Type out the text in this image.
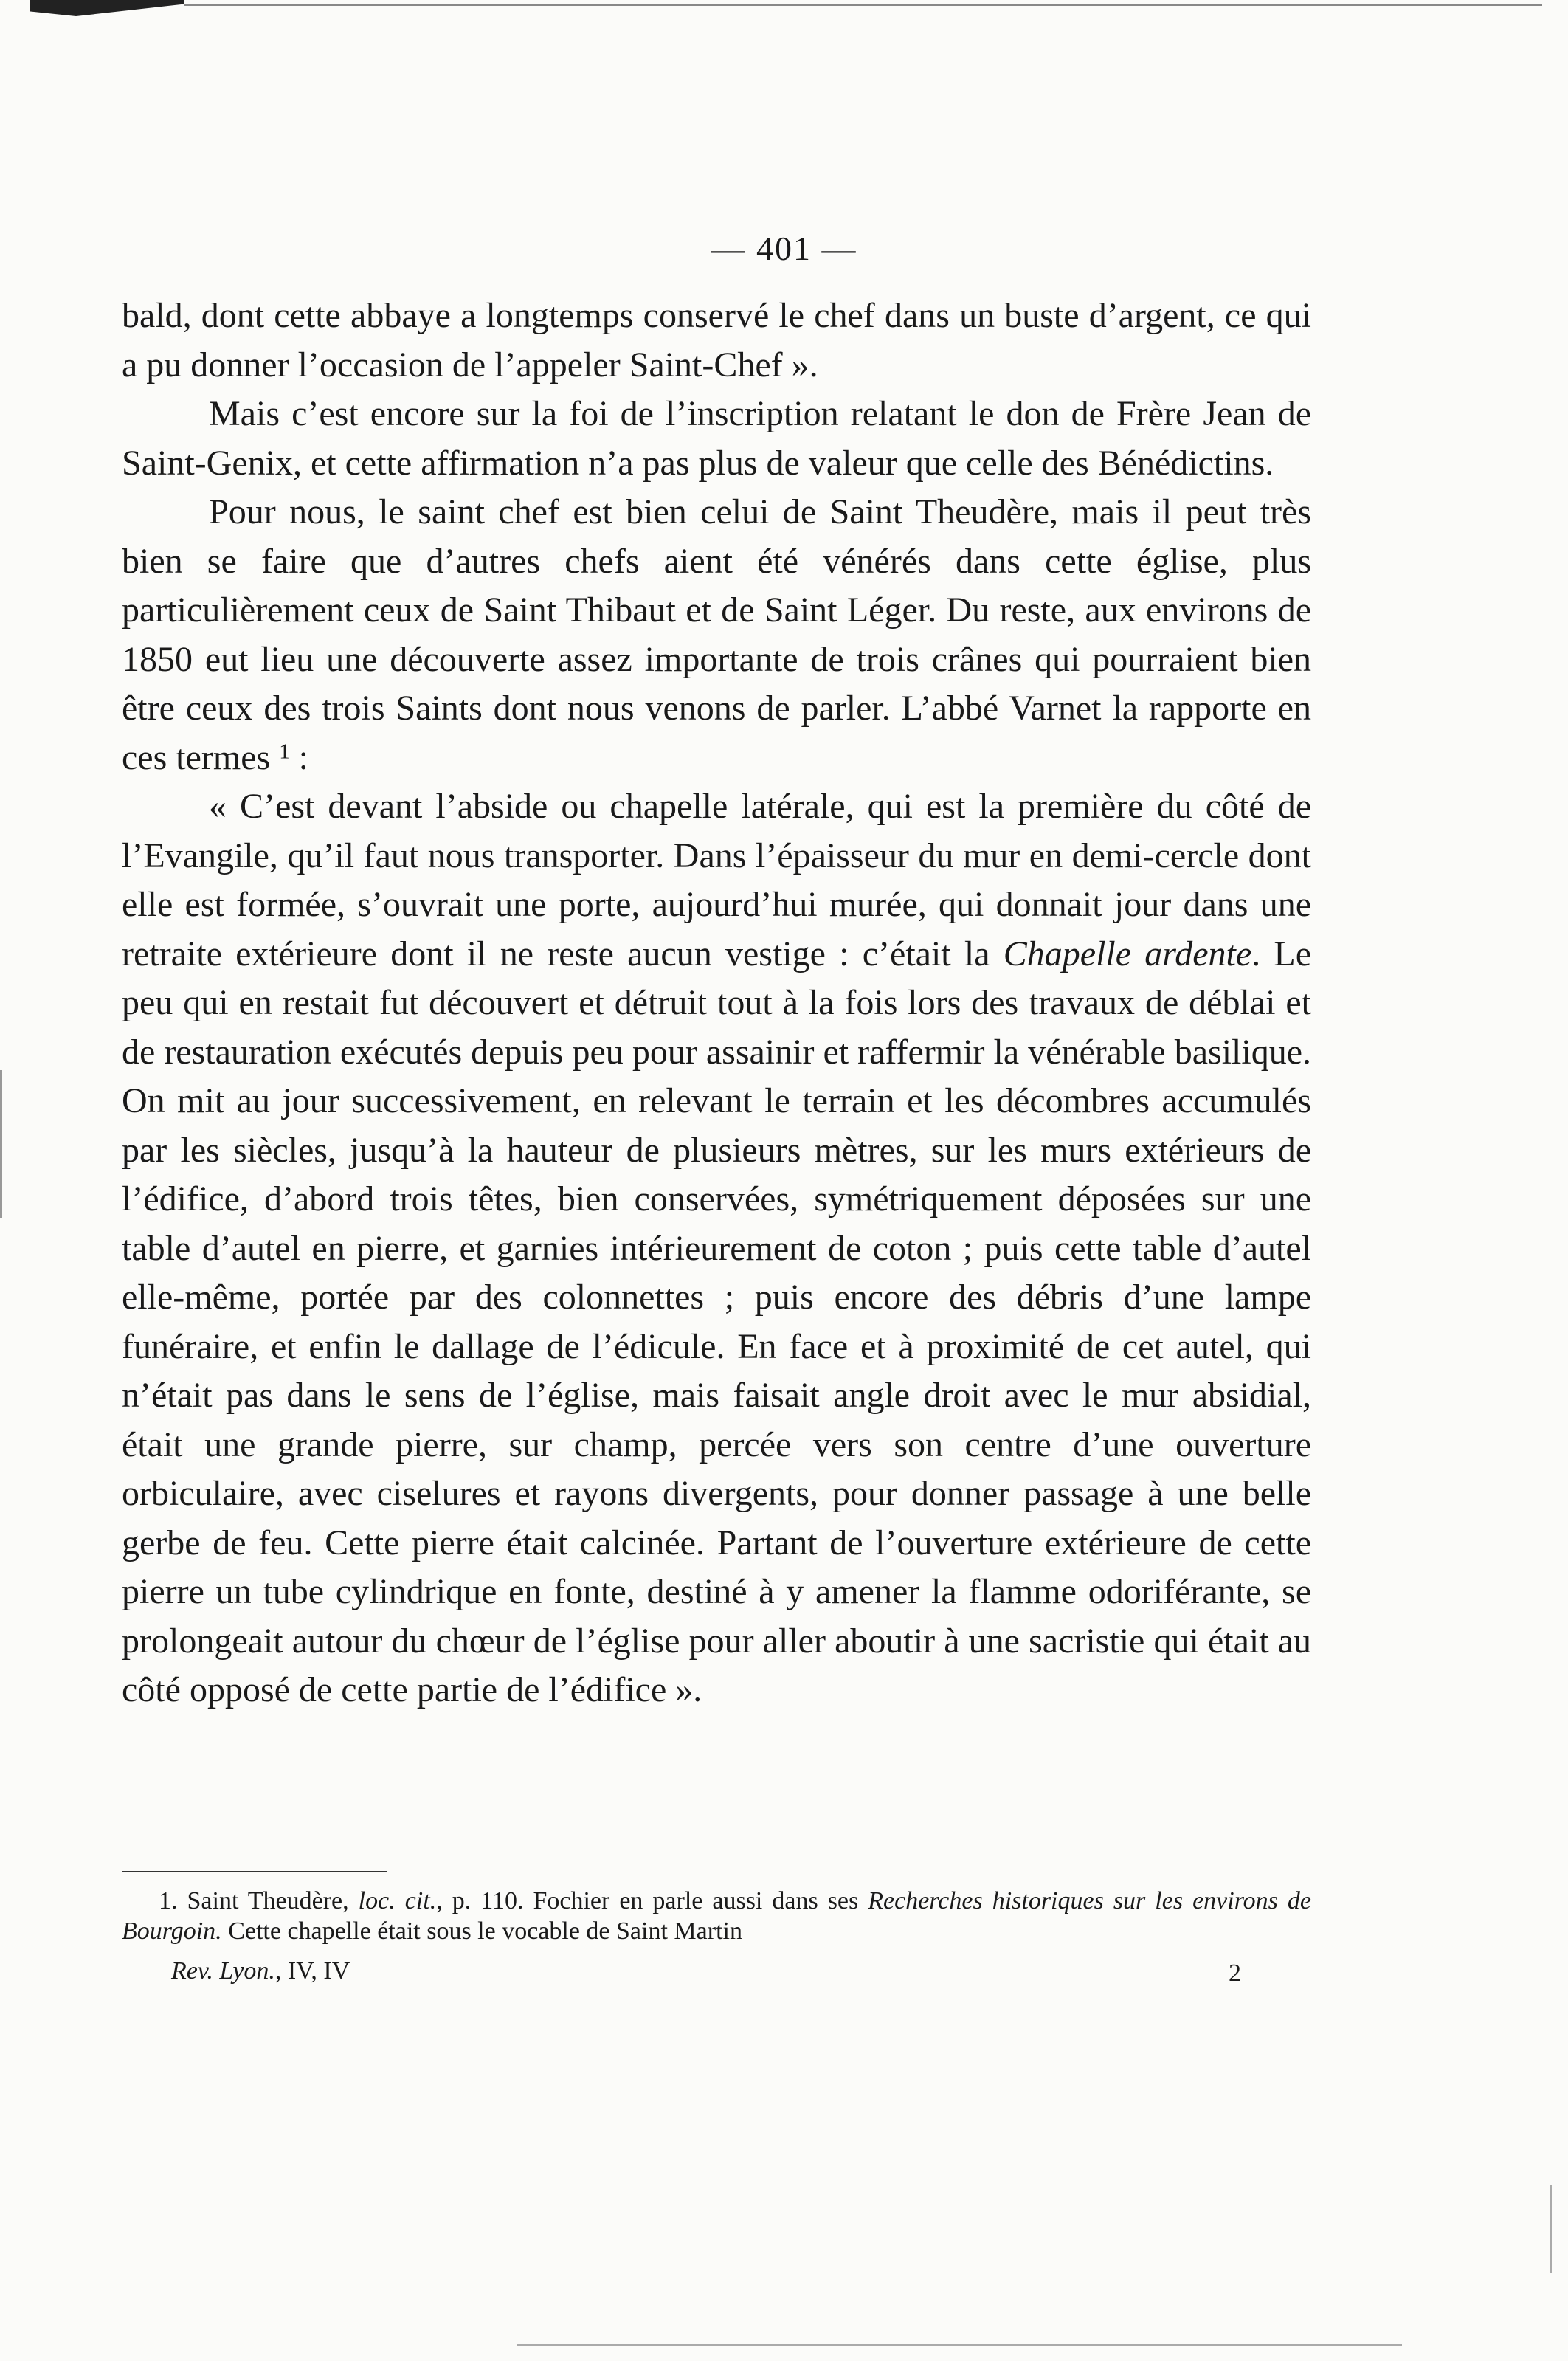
— 401 —

bald, dont cette abbaye a longtemps conservé le chef dans un buste d’argent, ce qui a pu donner l’occasion de l’appeler Saint-Chef ».

Mais c’est encore sur la foi de l’inscription relatant le don de Frère Jean de Saint-Genix, et cette affirmation n’a pas plus de valeur que celle des Bénédictins.

Pour nous, le saint chef est bien celui de Saint Theudère, mais il peut très bien se faire que d’autres chefs aient été vénérés dans cette église, plus particulièrement ceux de Saint Thibaut et de Saint Léger. Du reste, aux environs de 1850 eut lieu une découverte assez importante de trois crânes qui pourraient bien être ceux des trois Saints dont nous venons de parler. L’abbé Varnet la rapporte en ces termes $^1$ :

« C’est devant l’abside ou chapelle latérale, qui est la première du côté de l’Evangile, qu’il faut nous transporter. Dans l’épaisseur du mur en demi-cercle dont elle est formée, s’ouvrait une porte, aujourd’hui murée, qui donnait jour dans une retraite extérieure dont il ne reste aucun vestige : c’était la Chapelle ardente. Le peu qui en restait fut découvert et détruit tout à la fois lors des travaux de déblai et de restauration exécutés depuis peu pour assainir et raffermir la vénérable basilique. On mit au jour successivement, en relevant le terrain et les décombres accumulés par les siècles, jusqu’à la hauteur de plusieurs mètres, sur les murs extérieurs de l’édifice, d’abord trois têtes, bien conservées, symétriquement déposées sur une table d’autel en pierre, et garnies intérieurement de coton ; puis cette table d’autel elle-même, portée par des colonnettes ; puis encore des débris d’une lampe funéraire, et enfin le dallage de l’édicule. En face et à proximité de cet autel, qui n’était pas dans le sens de l’église, mais faisait angle droit avec le mur absidial, était une grande pierre, sur champ, percée vers son centre d’une ouverture orbiculaire, avec ciselures et rayons divergents, pour donner passage à une belle gerbe de feu. Cette pierre était calcinée. Partant de l’ouverture extérieure de cette pierre un tube cylindrique en fonte, destiné à y amener la flamme odoriférante, se prolongeait autour du chœur de l’église pour aller aboutir à une sacristie qui était au côté opposé de cette partie de l’édifice ».

1. Saint Theudère, loc. cit., p. 110. Fochier en parle aussi dans ses Recherches historiques sur les environs de Bourgoin. Cette chapelle était sous le vocable de Saint Martin

Rev. Lyon., IV, IV	2
